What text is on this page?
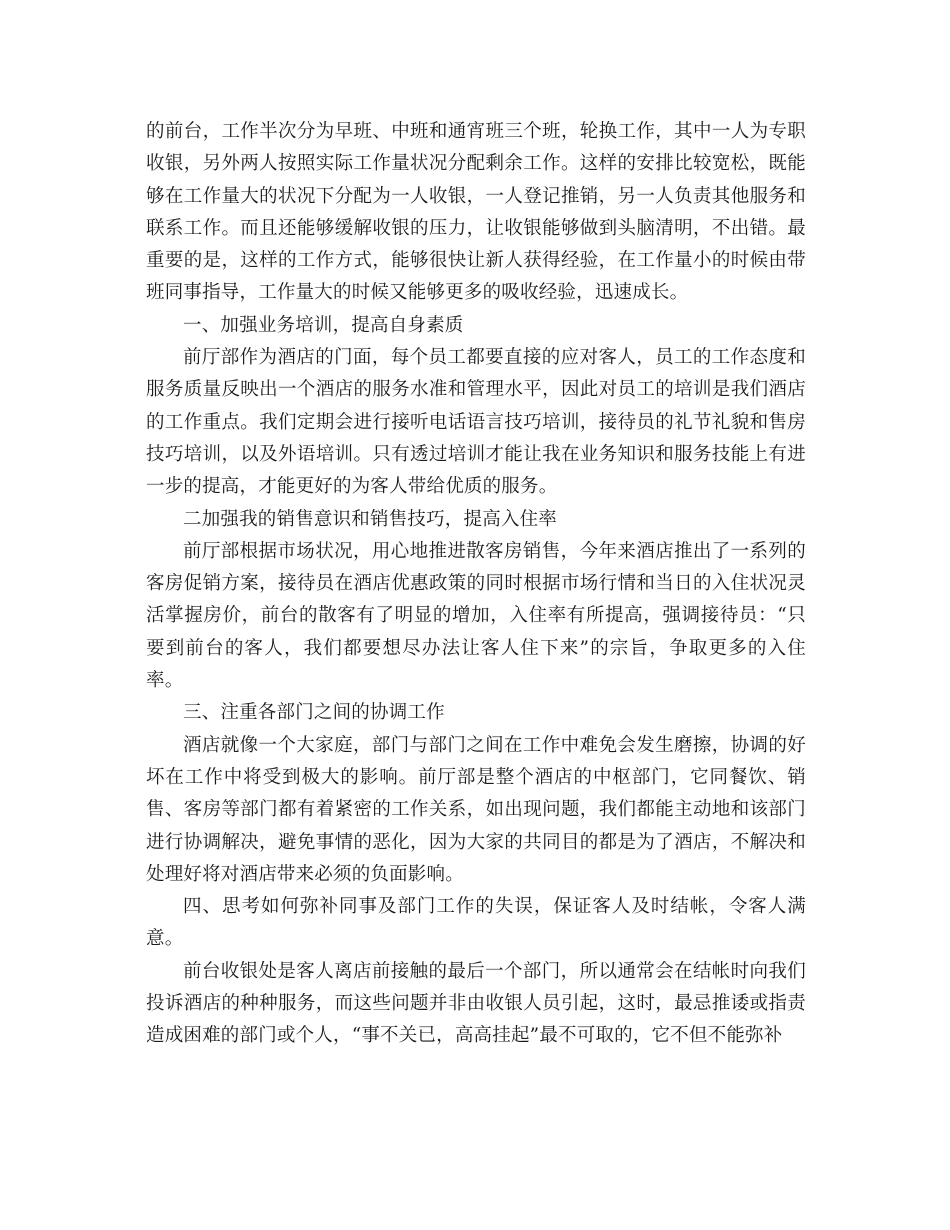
的前台，工作半次分为早班、中班和通宵班三个班，轮换工作，其中一人为专职收银，另外两人按照实际工作量状况分配剩余工作。这样的安排比较宽松，既能够在工作量大的状况下分配为一人收银，一人登记推销，另一人负责其他服务和联系工作。而且还能够缓解收银的压力，让收银能够做到头脑清明，不出错。最重要的是，这样的工作方式，能够很快让新人获得经验，在工作量小的时候由带班同事指导，工作量大的时候又能够更多的吸收经验，迅速成长。

一、加强业务培训，提高自身素质

前厅部作为酒店的门面，每个员工都要直接的应对客人，员工的工作态度和服务质量反映出一个酒店的服务水准和管理水平，因此对员工的培训是我们酒店的工作重点。我们定期会进行接听电话语言技巧培训，接待员的礼节礼貌和售房技巧培训，以及外语培训。只有透过培训才能让我在业务知识和服务技能上有进一步的提高，才能更好的为客人带给优质的服务。

二加强我的销售意识和销售技巧，提高入住率

前厅部根据市场状况，用心地推进散客房销售，今年来酒店推出了一系列的客房促销方案，接待员在酒店优惠政策的同时根据市场行情和当日的入住状况灵活掌握房价，前台的散客有了明显的增加，入住率有所提高，强调接待员：“只要到前台的客人，我们都要想尽办法让客人住下来”的宗旨，争取更多的入住率。

三、注重各部门之间的协调工作

酒店就像一个大家庭，部门与部门之间在工作中难免会发生磨擦，协调的好坏在工作中将受到极大的影响。前厅部是整个酒店的中枢部门，它同餐饮、销售、客房等部门都有着紧密的工作关系，如出现问题，我们都能主动地和该部门进行协调解决，避免事情的恶化，因为大家的共同目的都是为了酒店，不解决和处理好将对酒店带来必须的负面影响。

四、思考如何弥补同事及部门工作的失误，保证客人及时结帐，令客人满意。

前台收银处是客人离店前接触的最后一个部门，所以通常会在结帐时向我们投诉酒店的种种服务，而这些问题并非由收银人员引起，这时，最忌推诿或指责造成困难的部门或个人，“事不关已，高高挂起”最不可取的，它不但不能弥补
